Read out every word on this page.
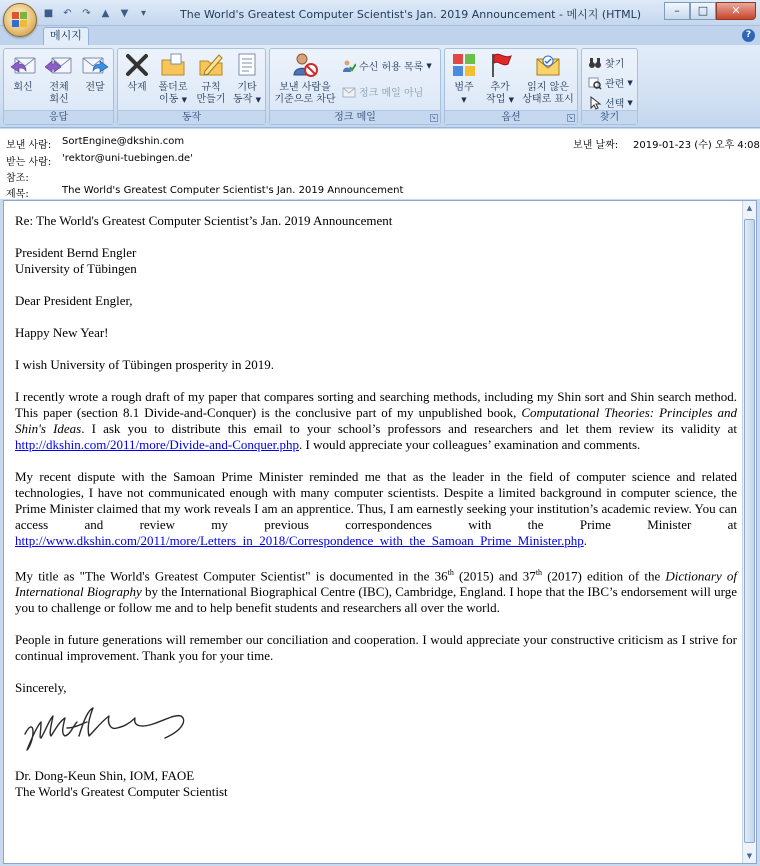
■ ↶ ↷ ▲ ▼	▾	The World's Greatest Computer Scientist's Jan. 2019 Announcement - 메시지 (HTML)	–	□	✕
메시지	?
회신	전체
회신
전달
응답
삭제	폴더로
이동 ▼
규칙
만들기
기타
동작 ▼
동작
보낸 사람을
기준으로 차단
수신 허용 목록 ▼
정크 메일 아님
정크 메일	↘
범주
▼
추가
작업 ▼
읽지 않은
상태로 표시
옵션	↘
찾기
관련 ▼
선택 ▼
찾기
보낸 사람: SortEngine@dkshin.com
받는 사람: 'rektor@uni-tuebingen.de'
참조:
제목:	The World's Greatest Computer Scientist's Jan. 2019 Announcement
보낸 날짜: 2019-01-23 (수) 오후 4:08

Re: The World's Greatest Computer Scientist’s Jan. 2019 Announcement

President Bernd Engler
University of Tübingen

Dear President Engler,

Happy New Year!

I wish University of Tübingen prosperity in 2019.

I recently wrote a rough draft of my paper that compares sorting and searching methods, including my Shin sort and Shin search method. This paper (section 8.1 Divide-and-Conquer) is the conclusive part of my unpublished book, Computational Theories: Principles and Shin's Ideas. I ask you to distribute this email to your school’s professors and researchers and let them review its validity at http://dkshin.com/2011/more/Divide-and-Conquer.php. I would appreciate your colleagues’ examination and comments.

My recent dispute with the Samoan Prime Minister reminded me that as the leader in the field of computer science and related technologies, I have not communicated enough with many computer scientists. Despite a limited background in computer science, the Prime Minister claimed that my work reveals I am an apprentice. Thus, I am earnestly seeking your institution’s academic review. You can access and review my previous correspondences with the Prime Minister at http://www.dkshin.com/2011/more/Letters_in_2018/Correspondence_with_the_Samoan_Prime_Minister.php.

My title as "The World's Greatest Computer Scientist" is documented in the 36th (2015) and 37th (2017) edition of the Dictionary of International Biography by the International Biographical Centre (IBC), Cambridge, England. I hope that the IBC’s endorsement will urge you to challenge or follow me and to help benefit students and researchers all over the world.

People in future generations will remember our conciliation and cooperation. I would appreciate your constructive criticism as I strive for continual improvement. Thank you for your time.

Sincerely,

Dr. Dong-Keun Shin, IOM, FAOE
The World's Greatest Computer Scientist

▲
▼
